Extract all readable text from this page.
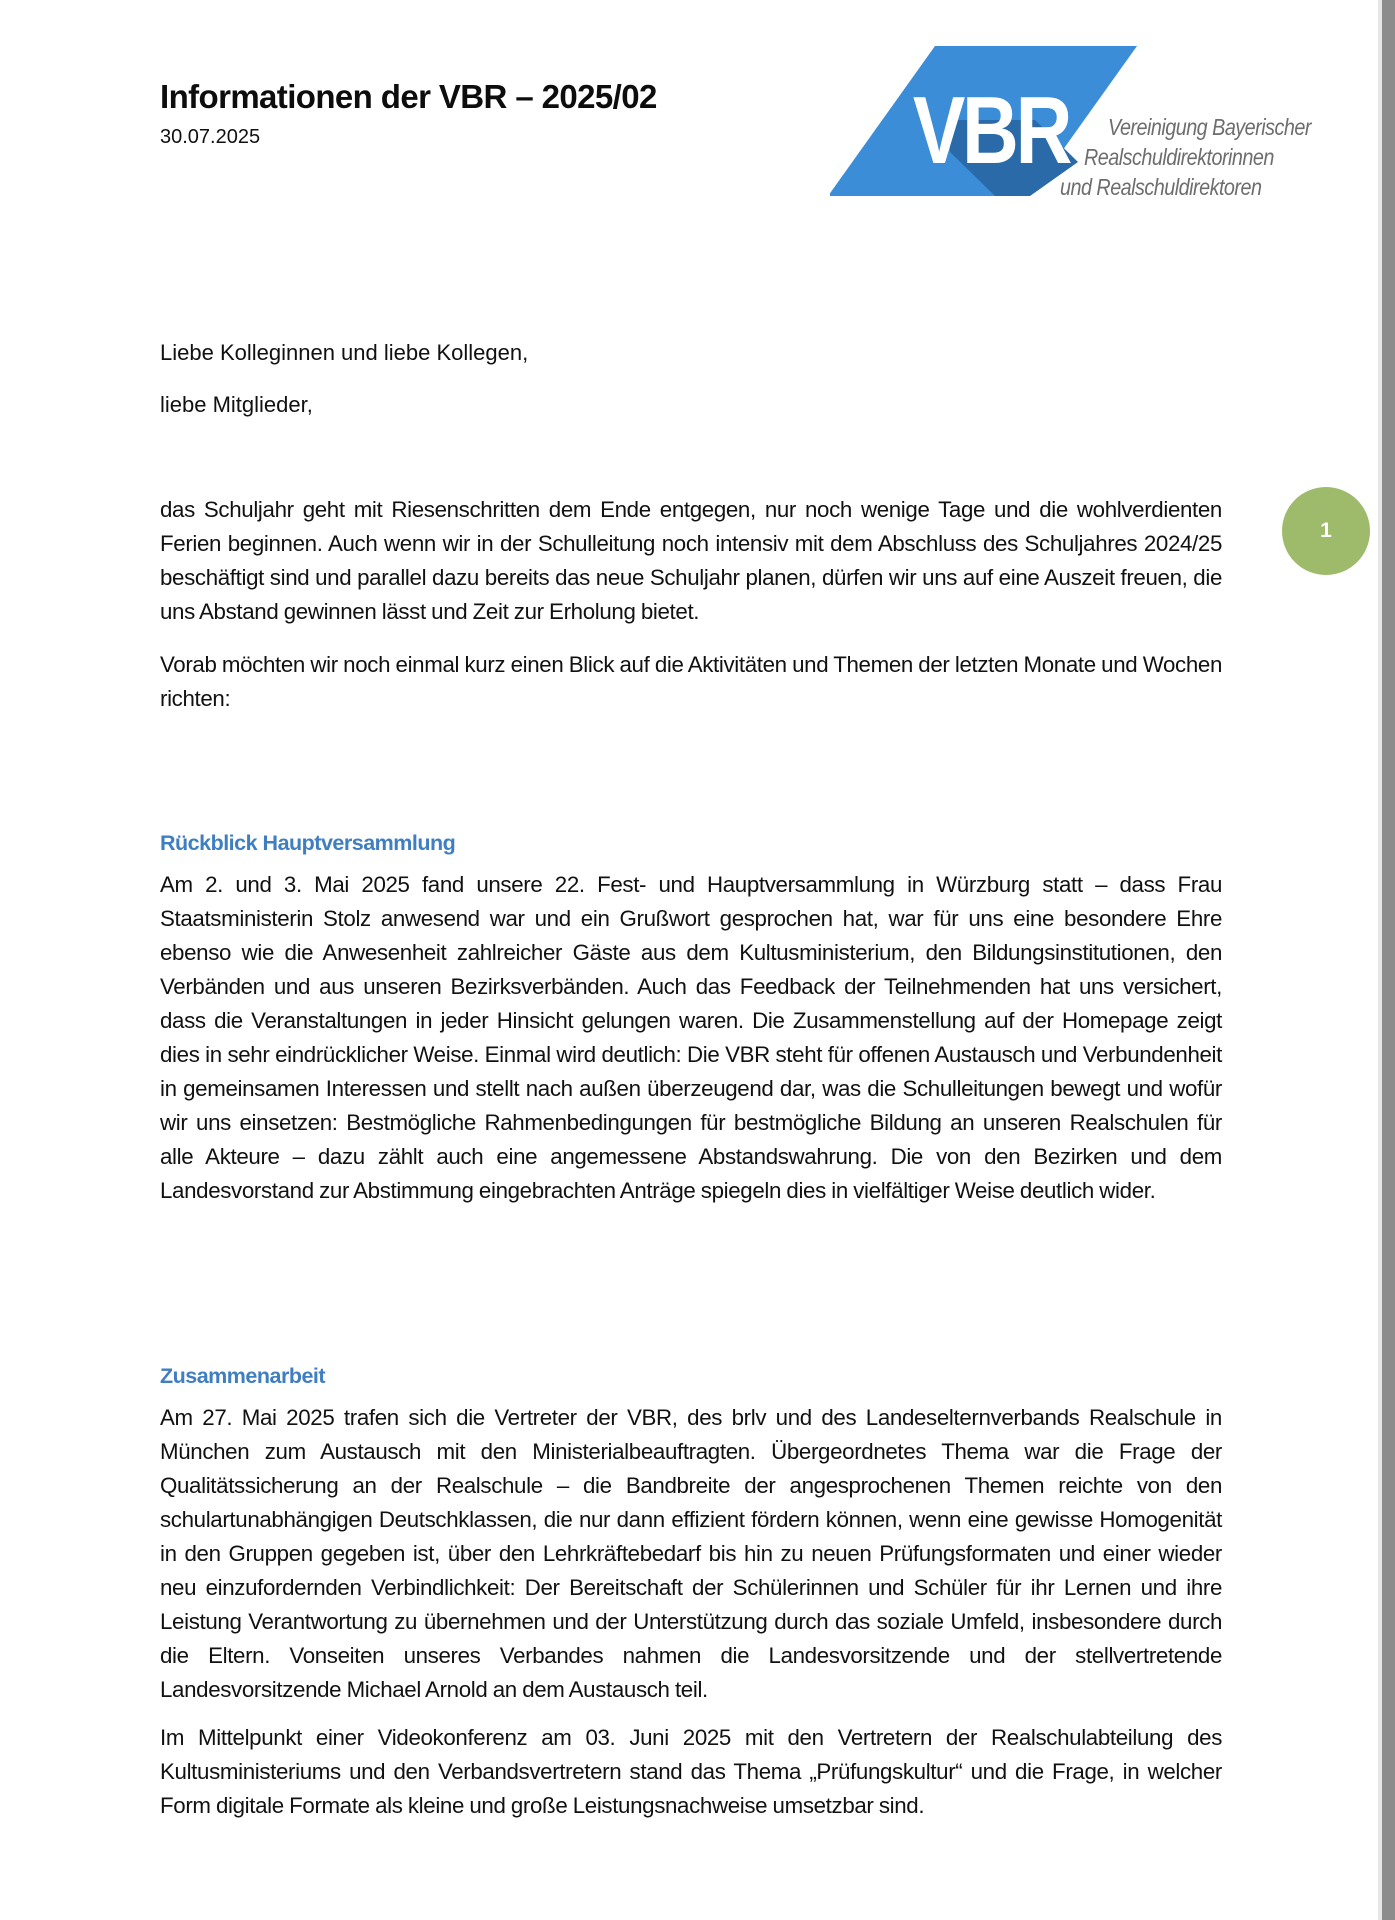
Informationen der VBR – 2025/02
30.07.2025	VBR Vereinigung Bayerischer
Realschuldirektorinnen
und Realschuldirektoren
Liebe Kolleginnen und liebe Kollegen,
liebe Mitglieder,

das Schuljahr geht mit Riesenschritten dem Ende entgegen, nur noch wenige Tage und die wohlverdienten Ferien beginnen. Auch wenn wir in der Schulleitung noch intensiv mit dem Abschluss des Schuljahres 2024/25 beschäftigt sind und parallel dazu bereits das neue Schuljahr planen, dürfen wir uns auf eine Auszeit freuen, die uns Abstand gewinnen lässt und Zeit zur Erholung bietet.

Vorab möchten wir noch einmal kurz einen Blick auf die Aktivitäten und Themen der letzten Monate und Wochen richten:

Rückblick Hauptversammlung

Am 2. und 3. Mai 2025 fand unsere 22. Fest- und Hauptversammlung in Würzburg statt – dass Frau Staatsministerin Stolz anwesend war und ein Grußwort gesprochen hat, war für uns eine besondere Ehre ebenso wie die Anwesenheit zahlreicher Gäste aus dem Kultusministerium, den Bildungsinstitutionen, den Verbänden und aus unseren Bezirksverbänden. Auch das Feedback der Teilnehmenden hat uns versichert, dass die Veranstaltungen in jeder Hinsicht gelungen waren. Die Zusammenstellung auf der Homepage zeigt dies in sehr eindrücklicher Weise. Einmal wird deutlich: Die VBR steht für offenen Austausch und Verbundenheit in gemeinsamen Interessen und stellt nach außen überzeugend dar, was die Schulleitungen bewegt und wofür wir uns einsetzen: Bestmögliche Rahmenbedingungen für bestmögliche Bildung an unseren Realschulen für alle Akteure – dazu zählt auch eine angemessene Abstandswahrung. Die von den Bezirken und dem Landesvorstand zur Abstimmung eingebrachten Anträge spiegeln dies in vielfältiger Weise deutlich wider.

Zusammenarbeit

Am 27. Mai 2025 trafen sich die Vertreter der VBR, des brlv und des Landeselternverbands Realschule in München zum Austausch mit den Ministerialbeauftragten. Übergeordnetes Thema war die Frage der Qualitätssicherung an der Realschule – die Bandbreite der angesprochenen Themen reichte von den schulartunabhängigen Deutschklassen, die nur dann effizient fördern können, wenn eine gewisse Homogenität in den Gruppen gegeben ist, über den Lehrkräftebedarf bis hin zu neuen Prüfungsformaten und einer wieder neu einzufordernden Verbindlichkeit: Der Bereitschaft der Schülerinnen und Schüler für ihr Lernen und ihre Leistung Verantwortung zu übernehmen und der Unterstützung durch das soziale Umfeld, insbesondere durch die Eltern. Vonseiten unseres Verbandes nahmen die Landesvorsitzende und der stellvertretende Landesvorsitzende Michael Arnold an dem Austausch teil.

Im Mittelpunkt einer Videokonferenz am 03. Juni 2025 mit den Vertretern der Realschulabteilung des Kultusministeriums und den Verbandsvertretern stand das Thema „Prüfungskultur“ und die Frage, in welcher Form digitale Formate als kleine und große Leistungsnachweise umsetzbar sind.

1
